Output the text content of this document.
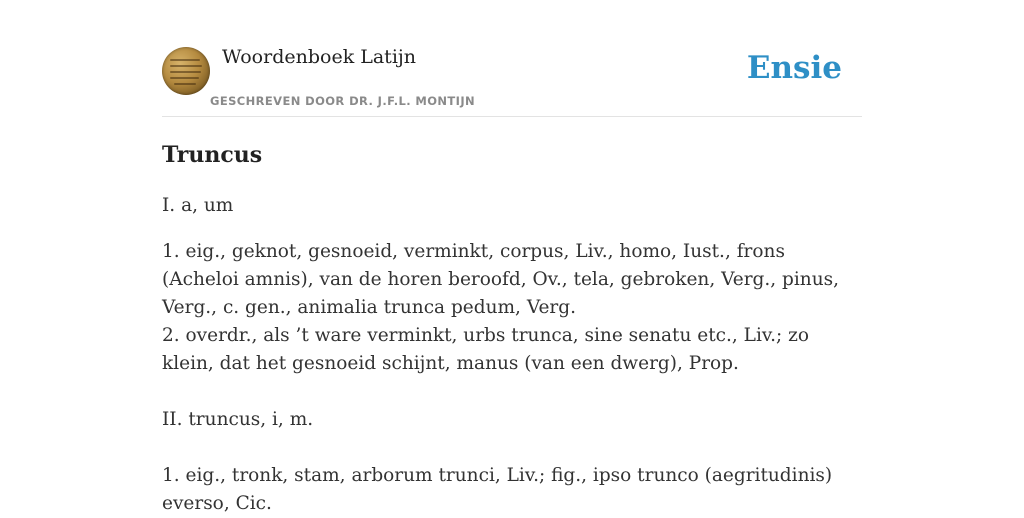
Woordenboek Latijn
GESCHREVEN DOOR DR. J.F.L. MONTIJN
Ensie
Truncus

I. a, um

1. eig., geknot, gesnoeid, verminkt, corpus, Liv., homo, Iust., frons (Acheloi amnis), van de horen beroofd, Ov., tela, gebroken, Verg., pinus, Verg., c. gen., animalia trunca pedum, Verg.

2. overdr., als ’t ware verminkt, urbs trunca, sine senatu etc., Liv.; zo klein, dat het gesnoeid schijnt, manus (van een dwerg), Prop.

II. truncus, i, m.

1. eig., tronk, stam, arborum trunci, Liv.; fig., ipso trunco (aegritudinis) everso, Cic.
